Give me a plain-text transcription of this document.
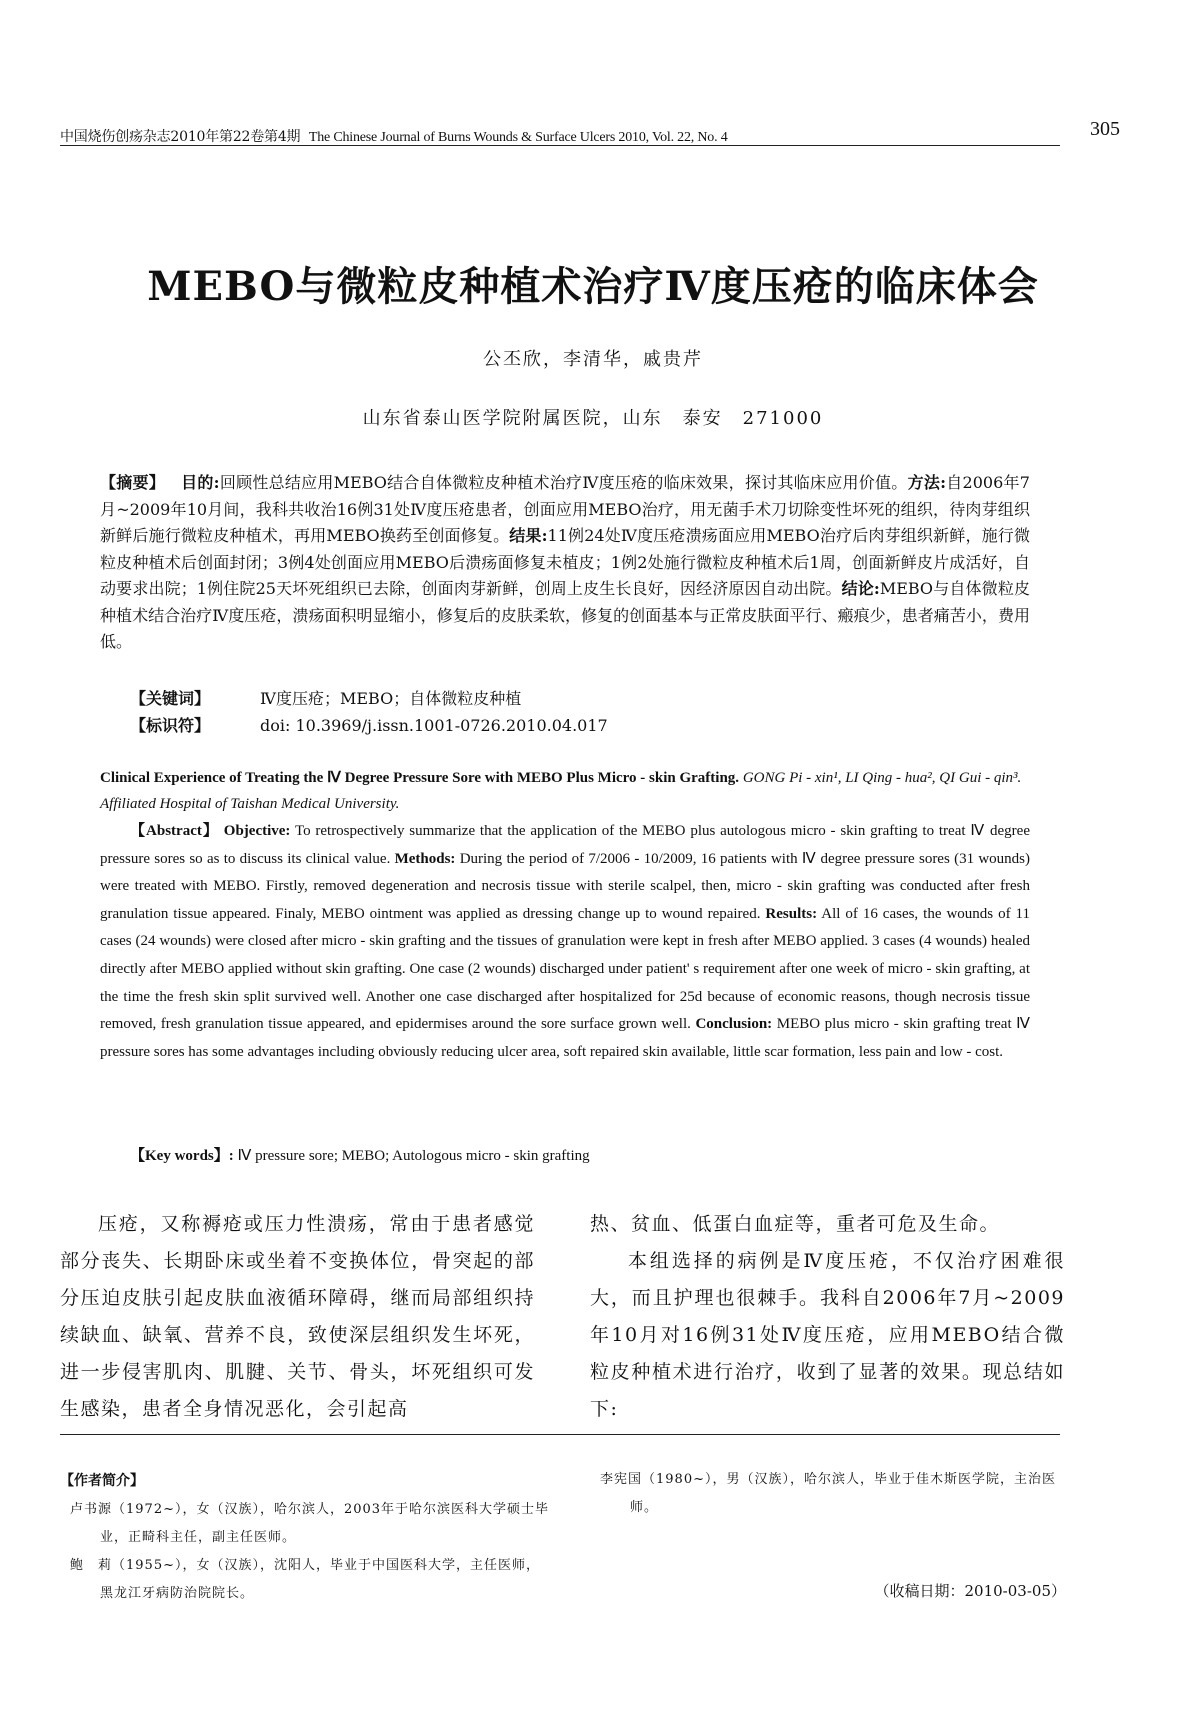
中国烧伤创疡杂志2010年第22卷第4期 The Chinese Journal of Burns Wounds & Surface Ulcers 2010, Vol. 22, No. 4	305
MEBO与微粒皮种植术治疗Ⅳ度压疮的临床体会
公丕欣，李清华，戚贵芹
山东省泰山医学院附属医院，山东　泰安　271000
【摘要】 目的:回顾性总结应用MEBO结合自体微粒皮种植术治疗Ⅳ度压疮的临床效果，探讨其临床应用价值。方法:自2006年7月~2009年10月间，我科共收治16例31处Ⅳ度压疮患者，创面应用MEBO治疗，用无菌手术刀切除变性坏死的组织，待肉芽组织新鲜后施行微粒皮种植术，再用MEBO换药至创面修复。结果:11例24处Ⅳ度压疮溃疡面应用MEBO治疗后肉芽组织新鲜，施行微粒皮种植术后创面封闭；3例4处创面应用MEBO后溃疡面修复未植皮；1例2处施行微粒皮种植术后1周，创面新鲜皮片成活好，自动要求出院；1例住院25天坏死组织已去除，创面肉芽新鲜，创周上皮生长良好，因经济原因自动出院。结论:MEBO与自体微粒皮种植术结合治疗Ⅳ度压疮，溃疡面积明显缩小，修复后的皮肤柔软，修复的创面基本与正常皮肤面平行、瘢痕少，患者痛苦小，费用低。
【关键词】	Ⅳ度压疮；MEBO；自体微粒皮种植
【标识符】	doi: 10.3969/j.issn.1001-0726.2010.04.017
Clinical Experience of Treating the Ⅳ Degree Pressure Sore with MEBO Plus Micro - skin Grafting. GONG Pi - xin¹, LI Qing - hua², QI Gui - qin³. Affiliated Hospital of Taishan Medical University.
【Abstract】 Objective: To retrospectively summarize that the application of the MEBO plus autologous micro - skin grafting to treat Ⅳ degree pressure sores so as to discuss its clinical value. Methods: During the period of 7/2006 - 10/2009, 16 patients with Ⅳ degree pressure sores (31 wounds) were treated with MEBO. Firstly, removed degeneration and necrosis tissue with sterile scalpel, then, micro - skin grafting was conducted after fresh granulation tissue appeared. Finaly, MEBO ointment was applied as dressing change up to wound repaired. Results: All of 16 cases, the wounds of 11 cases (24 wounds) were closed after micro - skin grafting and the tissues of granulation were kept in fresh after MEBO applied. 3 cases (4 wounds) healed directly after MEBO applied without skin grafting. One case (2 wounds) discharged under patient' s requirement after one week of micro - skin grafting, at the time the fresh skin split survived well. Another one case discharged after hospitalized for 25d because of economic reasons, though necrosis tissue removed, fresh granulation tissue appeared, and epidermises around the sore surface grown well. Conclusion: MEBO plus micro - skin grafting treat Ⅳ pressure sores has some advantages including obviously reducing ulcer area, soft repaired skin available, little scar formation, less pain and low - cost.
【Key words】: Ⅳ pressure sore; MEBO; Autologous micro - skin grafting
压疮，又称褥疮或压力性溃疡，常由于患者感觉部分丧失、长期卧床或坐着不变换体位，骨突起的部分压迫皮肤引起皮肤血液循环障碍，继而局部组织持续缺血、缺氧、营养不良，致使深层组织发生坏死，进一步侵害肌肉、肌腱、关节、骨头，坏死组织可发生感染，患者全身情况恶化，会引起高
热、贫血、低蛋白血症等，重者可危及生命。
本组选择的病例是Ⅳ度压疮，不仅治疗困难很大，而且护理也很棘手。我科自2006年7月~2009年10月对16例31处Ⅳ度压疮，应用MEBO结合微粒皮种植术进行治疗，收到了显著的效果。现总结如下:
【作者简介】
卢书源（1972~），女（汉族），哈尔滨人，2003年于哈尔滨医科大学硕士毕业，正畸科主任，副主任医师。
鲍　莉（1955~），女（汉族），沈阳人，毕业于中国医科大学，主任医师，黑龙江牙病防治院院长。
李宪国（1980~），男（汉族），哈尔滨人，毕业于佳木斯医学院，主治医师。
（收稿日期：2010-03-05）
